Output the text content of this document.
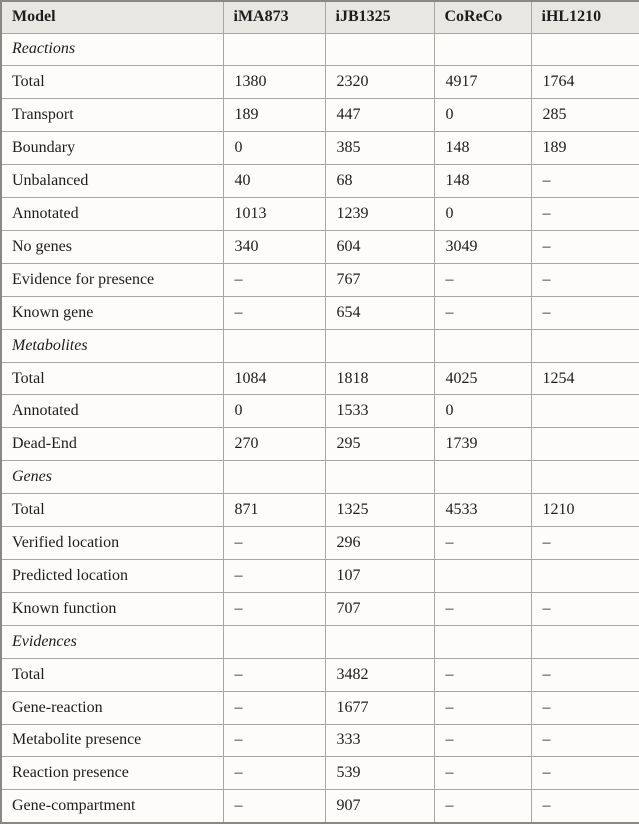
Model	iMA873	iJB1325	CoReCo	iHL1210
Reactions				
Total	1380	2320	4917	1764
Transport	189	447	0	285
Boundary	0	385	148	189
Unbalanced	40	68	148	–
Annotated	1013	1239	0	–
No genes	340	604	3049	–
Evidence for presence	–	767	–	–
Known gene	–	654	–	–
Metabolites				
Total	1084	1818	4025	1254
Annotated	0	1533	0	
Dead-End	270	295	1739	
Genes				
Total	871	1325	4533	1210
Verified location	–	296	–	–
Predicted location	–	107		
Known function	–	707	–	–
Evidences				
Total	–	3482	–	–
Gene-reaction	–	1677	–	–
Metabolite presence	–	333	–	–
Reaction presence	–	539	–	–
Gene-compartment	–	907	–	–
